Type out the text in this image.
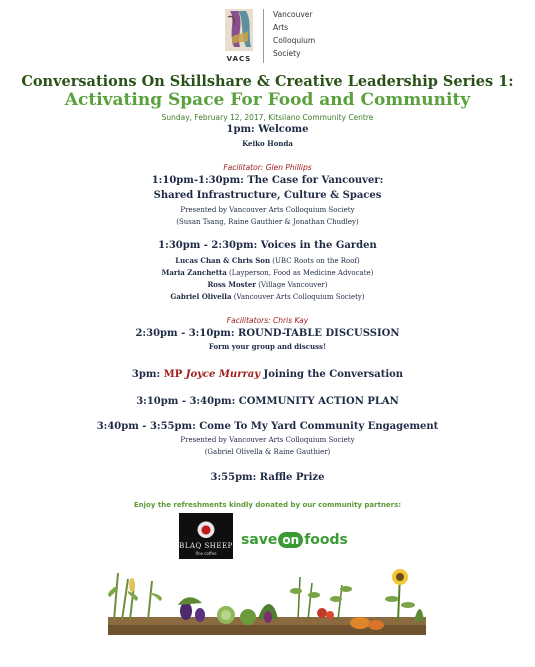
VACS
Vancouver
Arts
Colloquium
Society
Conversations On Skillshare & Creative Leadership Series 1:
Activating Space For Food and Community
Sunday, February 12, 2017, Kitsilano Community Centre
1pm: Welcome
Keiko Honda
Facilitator: Glen Phillips
1:10pm-1:30pm: The Case for Vancouver:
Shared Infrastructure, Culture & Spaces
Presented by Vancouver Arts Colloquium Society
(Susan Tsang, Raine Gauthier & Jonathan Chudley)
1:30pm - 2:30pm: Voices in the Garden
Lucas Chan & Chris Son (UBC Roots on the Roof)
Maria Zanchetta (Layperson, Food as Medicine Advocate)
Ross Moster (Village Vancouver)
Gabriel Olivella (Vancouver Arts Colloquium Society)
Facilitators: Chris Kay
2:30pm - 3:10pm: ROUND-TABLE DISCUSSION
Form your group and discuss!
3pm: MP Joyce Murray Joining the Conversation
3:10pm - 3:40pm: COMMUNITY ACTION PLAN
3:40pm - 3:55pm: Come To My Yard Community Engagement
Presented by Vancouver Arts Colloquium Society
(Gabriel Olivella & Raine Gauthier)
3:55pm: Raffle Prize
Enjoy the refreshments kindly donated by our community partners:
BLAQ SHEEP
fine coffee
save on foods
